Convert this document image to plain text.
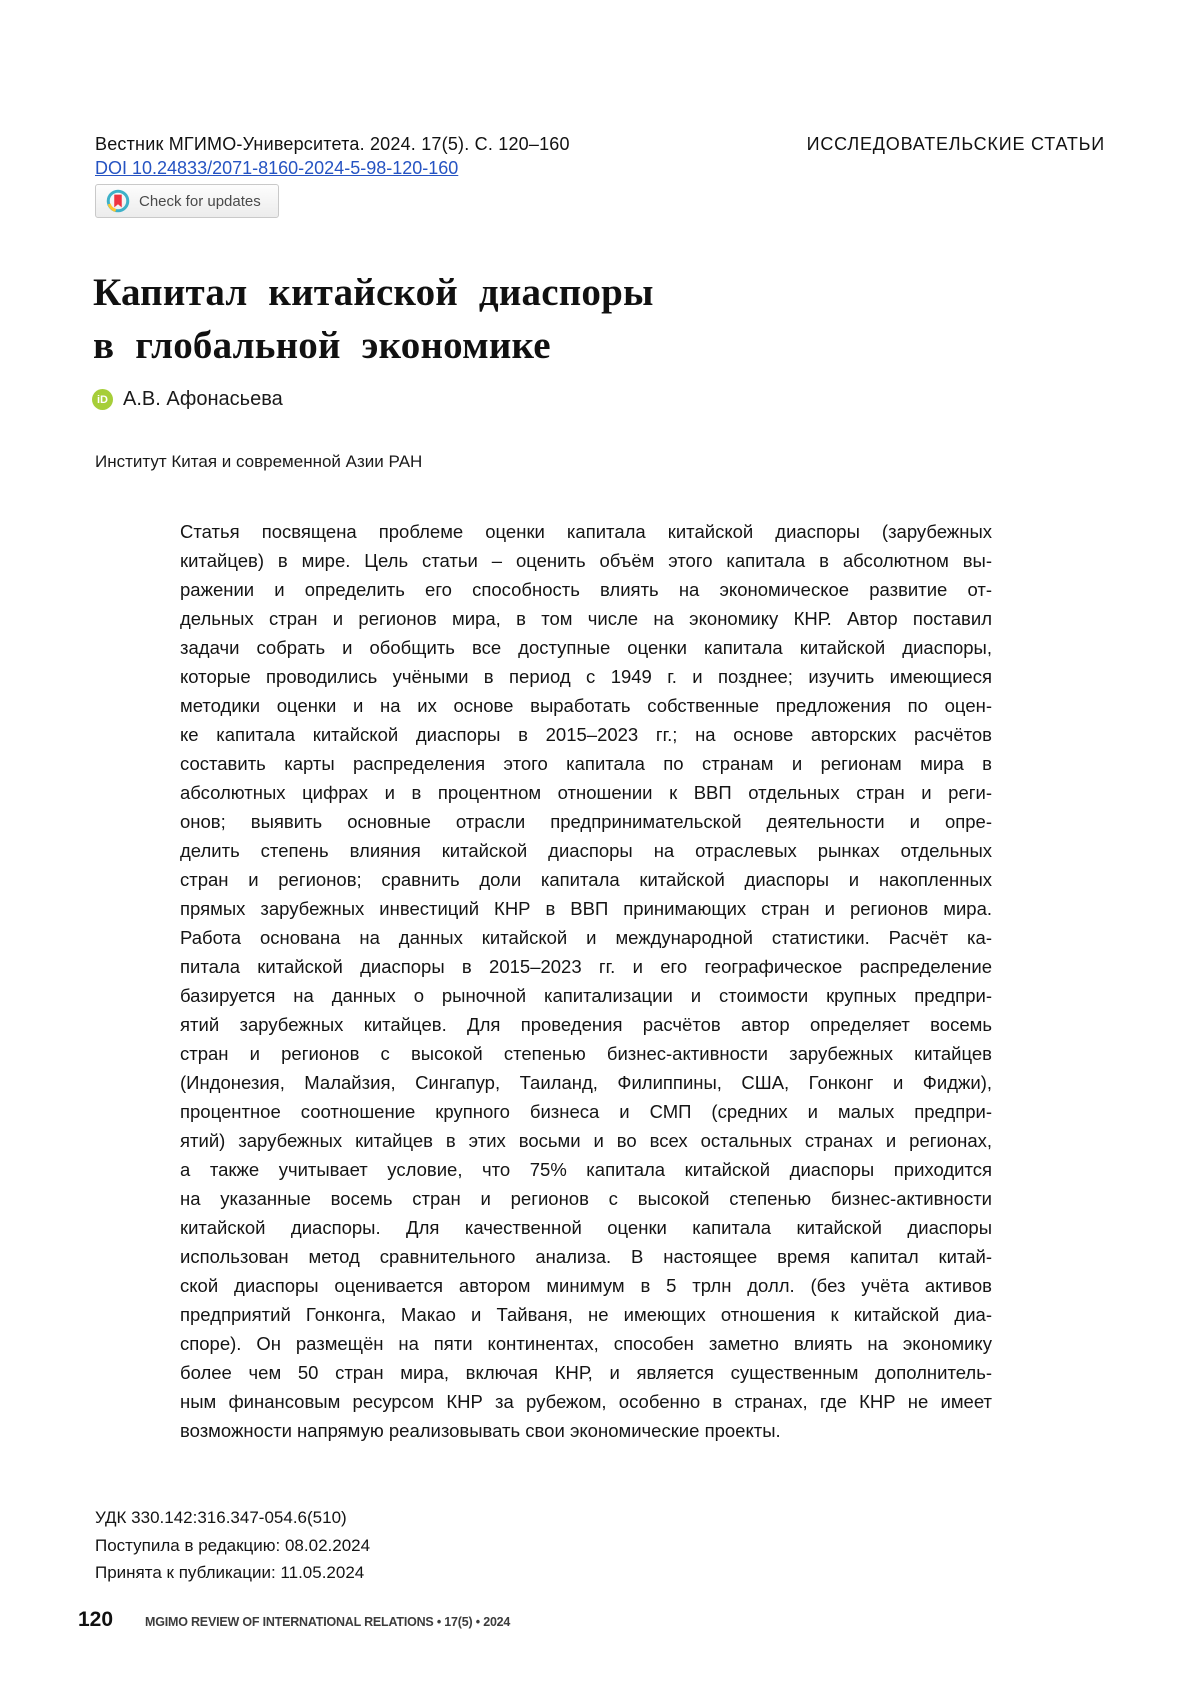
Вестник МГИМО-Университета. 2024. 17(5). С. 120–160	ИССЛЕДОВАТЕЛЬСКИЕ СТАТЬИ
DOI 10.24833/2071-8160-2024-5-98-120-160
Check for updates
Капитал китайской диаспоры
в глобальной экономике
iD А.В. Афонасьева
Институт Китая и современной Азии РАН
Статья посвящена проблеме оценки капитала китайской диаспоры (зарубежных
китайцев) в мире. Цель статьи – оценить объём этого капитала в абсолютном вы-
ражении и определить его способность влиять на экономическое развитие от-
дельных стран и регионов мира, в том числе на экономику КНР. Автор поставил
задачи собрать и обобщить все доступные оценки капитала китайской диаспоры,
которые проводились учёными в период с 1949 г. и позднее; изучить имеющиеся
методики оценки и на их основе выработать собственные предложения по оцен-
ке капитала китайской диаспоры в 2015–2023 гг.; на основе авторских расчётов
составить карты распределения этого капитала по странам и регионам мира в
абсолютных цифрах и в процентном отношении к ВВП отдельных стран и реги-
онов; выявить основные отрасли предпринимательской деятельности и опре-
делить степень влияния китайской диаспоры на отраслевых рынках отдельных
стран и регионов; сравнить доли капитала китайской диаспоры и накопленных
прямых зарубежных инвестиций КНР в ВВП принимающих стран и регионов мира.
Работа основана на данных китайской и международной статистики. Расчёт ка-
питала китайской диаспоры в 2015–2023 гг. и его географическое распределение
базируется на данных о рыночной капитализации и стоимости крупных предпри-
ятий зарубежных китайцев. Для проведения расчётов автор определяет восемь
стран и регионов с высокой степенью бизнес-активности зарубежных китайцев
(Индонезия, Малайзия, Сингапур, Таиланд, Филиппины, США, Гонконг и Фиджи),
процентное соотношение крупного бизнеса и СМП (средних и малых предпри-
ятий) зарубежных китайцев в этих восьми и во всех остальных странах и регионах,
а также учитывает условие, что 75% капитала китайской диаспоры приходится
на указанные восемь стран и регионов с высокой степенью бизнес-активности
китайской диаспоры. Для качественной оценки капитала китайской диаспоры
использован метод сравнительного анализа. В настоящее время капитал китай-
ской диаспоры оценивается автором минимум в 5 трлн долл. (без учёта активов
предприятий Гонконга, Макао и Тайваня, не имеющих отношения к китайской диа-
споре). Он размещён на пяти континентах, способен заметно влиять на экономику
более чем 50 стран мира, включая КНР, и является существенным дополнитель-
ным финансовым ресурсом КНР за рубежом, особенно в странах, где КНР не имеет
возможности напрямую реализовывать свои экономические проекты.
УДК 330.142:316.347-054.6(510)
Поступила в редакцию: 08.02.2024
Принята к публикации: 11.05.2024
120 MGIMO REVIEW OF INTERNATIONAL RELATIONS • 17(5) • 2024
